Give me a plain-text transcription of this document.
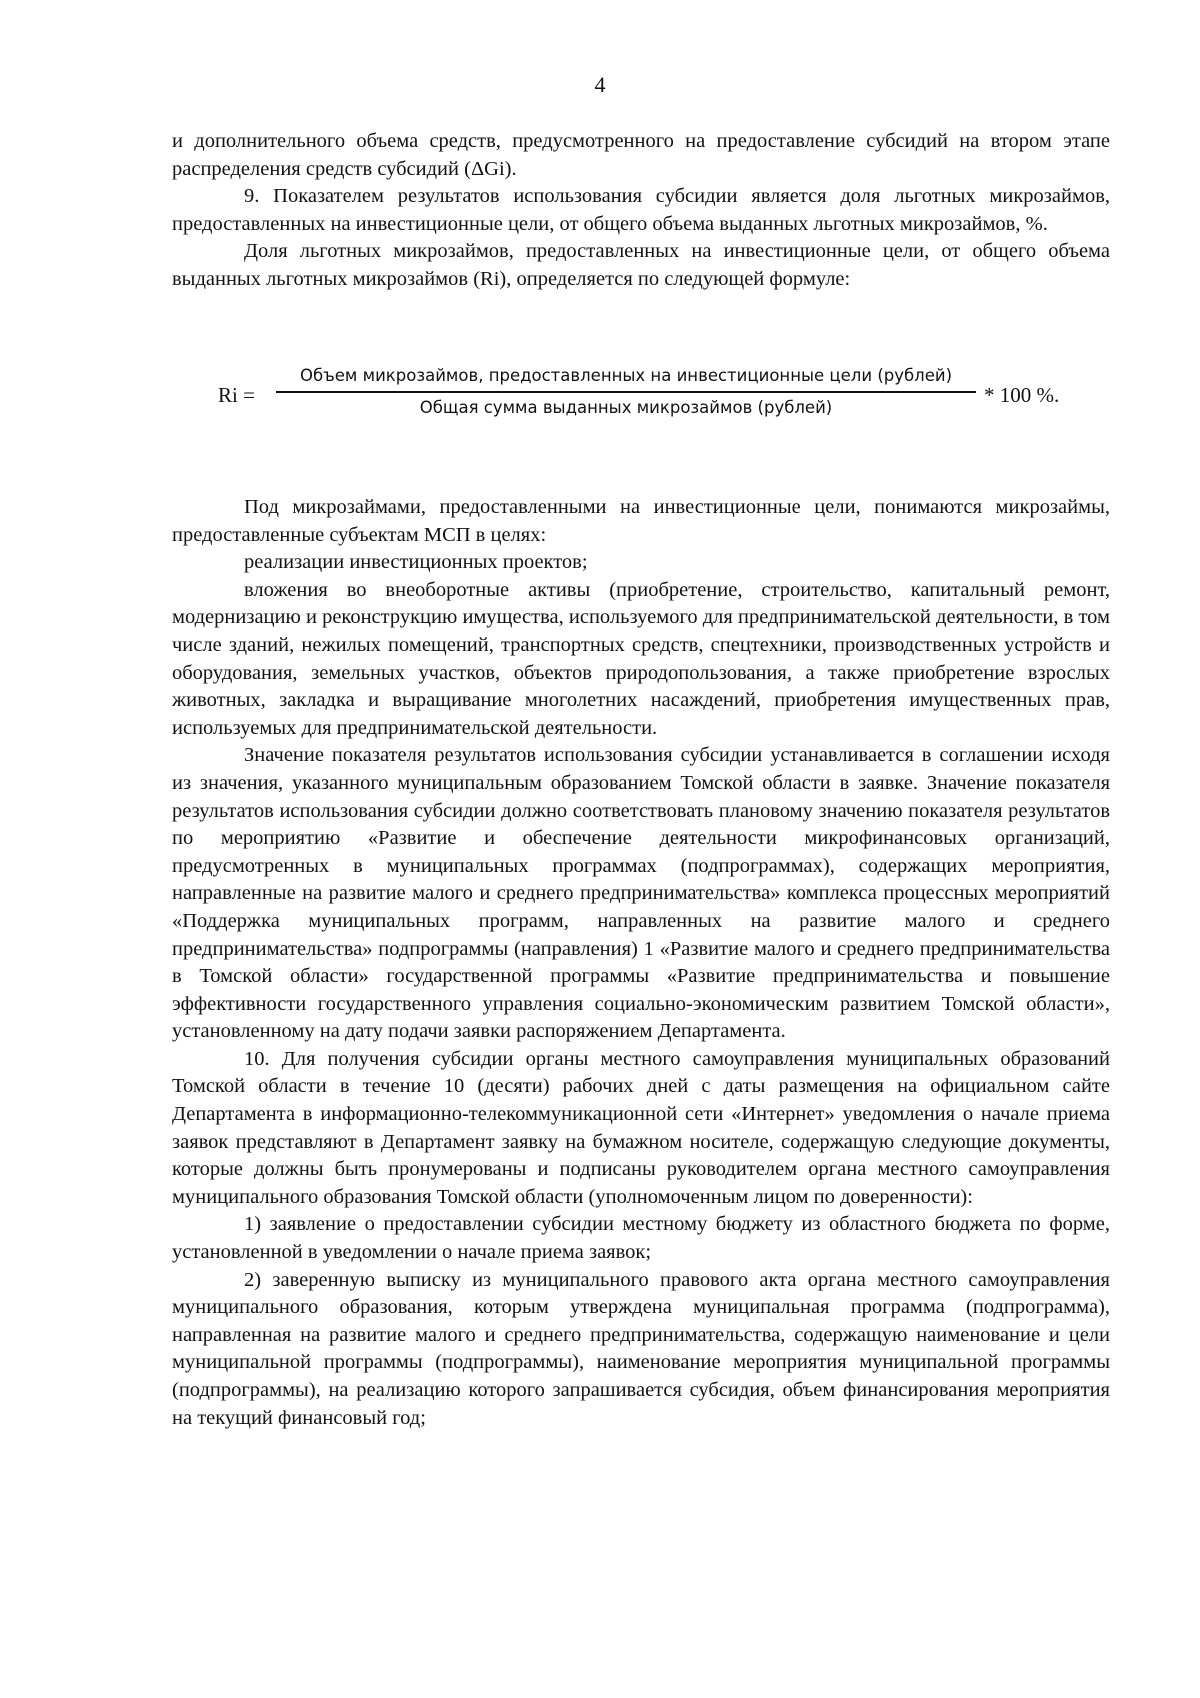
4

и дополнительного объема средств, предусмотренного на предоставление субсидий на втором этапе распределения средств субсидий (ΔGi).

9. Показателем результатов использования субсидии является доля льготных микрозаймов, предоставленных на инвестиционные цели, от общего объема выданных льготных микрозаймов, %.

Доля льготных микрозаймов, предоставленных на инвестиционные цели, от общего объема выданных льготных микрозаймов (Ri), определяется по следующей формуле:

Ri =
Объем микрозаймов, предоставленных на инвестиционные цели (рублей)
Общая сумма выданных микрозаймов (рублей)
* 100 %.

Под микрозаймами, предоставленными на инвестиционные цели, понимаются микрозаймы, предоставленные субъектам МСП в целях:

реализации инвестиционных проектов;

вложения во внеоборотные активы (приобретение, строительство, капитальный ремонт, модернизацию и реконструкцию имущества, используемого для предпринимательской деятельности, в том числе зданий, нежилых помещений, транспортных средств, спецтехники, производственных устройств и оборудования, земельных участков, объектов природопользования, а также приобретение взрослых животных, закладка и выращивание многолетних насаждений, приобретения имущественных прав, используемых для предпринимательской деятельности.

Значение показателя результатов использования субсидии устанавливается в соглашении исходя из значения, указанного муниципальным образованием Томской области в заявке. Значение показателя результатов использования субсидии должно соответствовать плановому значению показателя результатов по мероприятию «Развитие и обеспечение деятельности микрофинансовых организаций, предусмотренных в муниципальных программах (подпрограммах), содержащих мероприятия, направленные на развитие малого и среднего предпринимательства» комплекса процессных мероприятий «Поддержка муниципальных программ, направленных на развитие малого и среднего предпринимательства» подпрограммы (направления) 1 «Развитие малого и среднего предпринимательства в Томской области» государственной программы «Развитие предпринимательства и повышение эффективности государственного управления социально-экономическим развитием Томской области», установленному на дату подачи заявки распоряжением Департамента.

10. Для получения субсидии органы местного самоуправления муниципальных образований Томской области в течение 10 (десяти) рабочих дней с даты размещения на официальном сайте Департамента в информационно-телекоммуникационной сети «Интернет» уведомления о начале приема заявок представляют в Департамент заявку на бумажном носителе, содержащую следующие документы, которые должны быть пронумерованы и подписаны руководителем органа местного самоуправления муниципального образования Томской области (уполномоченным лицом по доверенности):

1) заявление о предоставлении субсидии местному бюджету из областного бюджета по форме, установленной в уведомлении о начале приема заявок;

2) заверенную выписку из муниципального правового акта органа местного самоуправления муниципального образования, которым утверждена муниципальная программа (подпрограмма), направленная на развитие малого и среднего предпринимательства, содержащую наименование и цели муниципальной программы (подпрограммы), наименование мероприятия муниципальной программы (подпрограммы), на реализацию которого запрашивается субсидия, объем финансирования мероприятия на текущий финансовый год;
